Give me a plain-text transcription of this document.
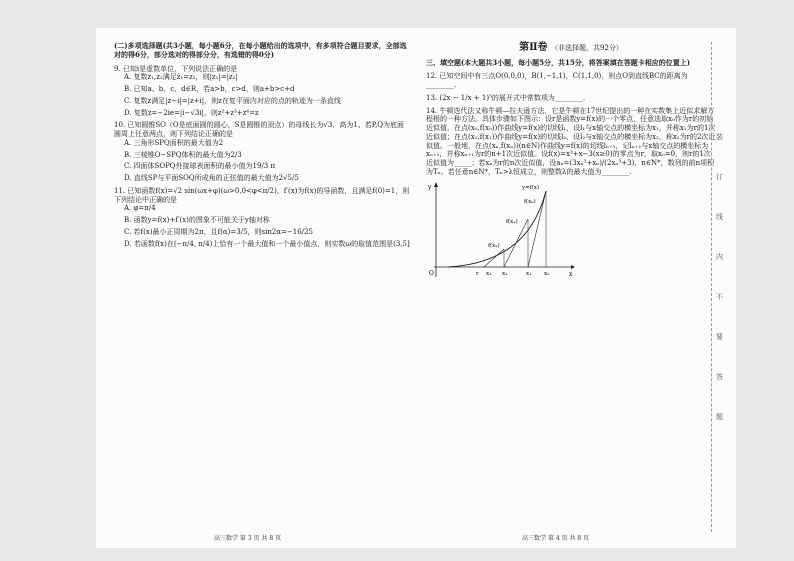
(二)多项选择题(共3小题，每小题6分，在每小题给出的选项中，有多项符合题目要求，全部选对的得6分，部分选对的得部分分，有选错的得0分)
9. 已知i是虚数单位，下列说法正确的是
A. 复数z₁,z₂满足z̄₁=z₂，则|z₁|=|z₂|
B. 已知a、b、c、d∈R，若a>b，c>d，则a+b>c+d
C. 复数z满足|z−i|=|z+i|，则z在复平面内对应的点的轨迹为一条直线
D. 复数z=−2ie=|i−√3i|，则z²+z³+z⁴=z
10. 已知圆锥SO（O是底面圆的圆心，S是圆锥的顶点）的母线长为√3，高为1。若P,Q为底面圆周上任意两点，则下列结论正确的是
A. 三角形SPQ面积的最大值为2
B. 三棱锥O−SPQ体积的最大值为2/3
C. 四面体SOPQ外接球表面积的最小值为19/3 π
D. 直线SP与平面SOQ所成角的正弦值的最大值为2√5/5
11. 已知函数f(x)=√2 sin(ωx+φ)(ω>0,0<φ<π/2)，f′(x)为f(x)的导函数，且满足f(0)=1，则下列结论中正确的是
A. φ=π/4
B. 函数y=f(x)+f′(x)的图象不可能关于y轴对称
C. 若f(x)最小正周期为2π，且f(α)=3/5，则sin2α=−16/25
D. 若函数f(x)在(−π/4, π/4)上恰有一个最大值和一个最小值点，则实数ω的取值范围是(3,5]
高三数学 第 3 页 共 8 页
第Ⅱ卷 （非选择题，共92分）
三、填空题(本大题共3小题，每小题5分，共15分，将答案填在答题卡相应的位置上)
12. 已知空间中有三点O(0,0,0)，B(1,−1,1)，C(1,1,0)，则点O到直线BC的距离为________.
13. (2x − 1/x + 1)⁵的展开式中常数项为________.
14. 牛顿迭代法又称牛顿—拉夫逊方法，它是牛顿在17世纪提出的一种在实数集上近似求解方程根的一种方法。具体步骤如下图示：设r是函数y=f(x)的一个零点，任意选取x₀作为r的初始近似值，在点(x₀,f(x₀))作曲线y=f(x)的切线l₁，设l₁与x轴交点的横坐标为x₁，并称x₁为r的1次近似值；在点(x₁,f(x₁))作曲线y=f(x)的切线l₂，设l₂与x轴交点的横坐标为x₂，称x₂为r的2次近似值。一般地，在点(xₙ,f(xₙ))(n∈N)作曲线y=f(x)的切线lₙ₊₁，记lₙ₊₁与x轴交点的横坐标为xₙ₊₁，并称xₙ₊₁为r的n+1次近似值。设f(x)=x³+x−3(x≥0)的零点为r，取x₀=0，则r的1次近似值为_____；若xₙ为r的n次近似值，设aₙ=(3xₙ³+xₙ)/(2xₙ³+3)，n∈N*，数列的前n项积为Tₙ。若任意n∈N*，Tₙ>λ恒成立，则整数λ的最大值为________.
y
x
O
y=f(x)
f(x₀)
f(x₁)
f(x₂)
r x₃ x₂	x₁ x₀
高三数学 第 4 页 共 8 页
装
订
线
内
不
要
答
题
